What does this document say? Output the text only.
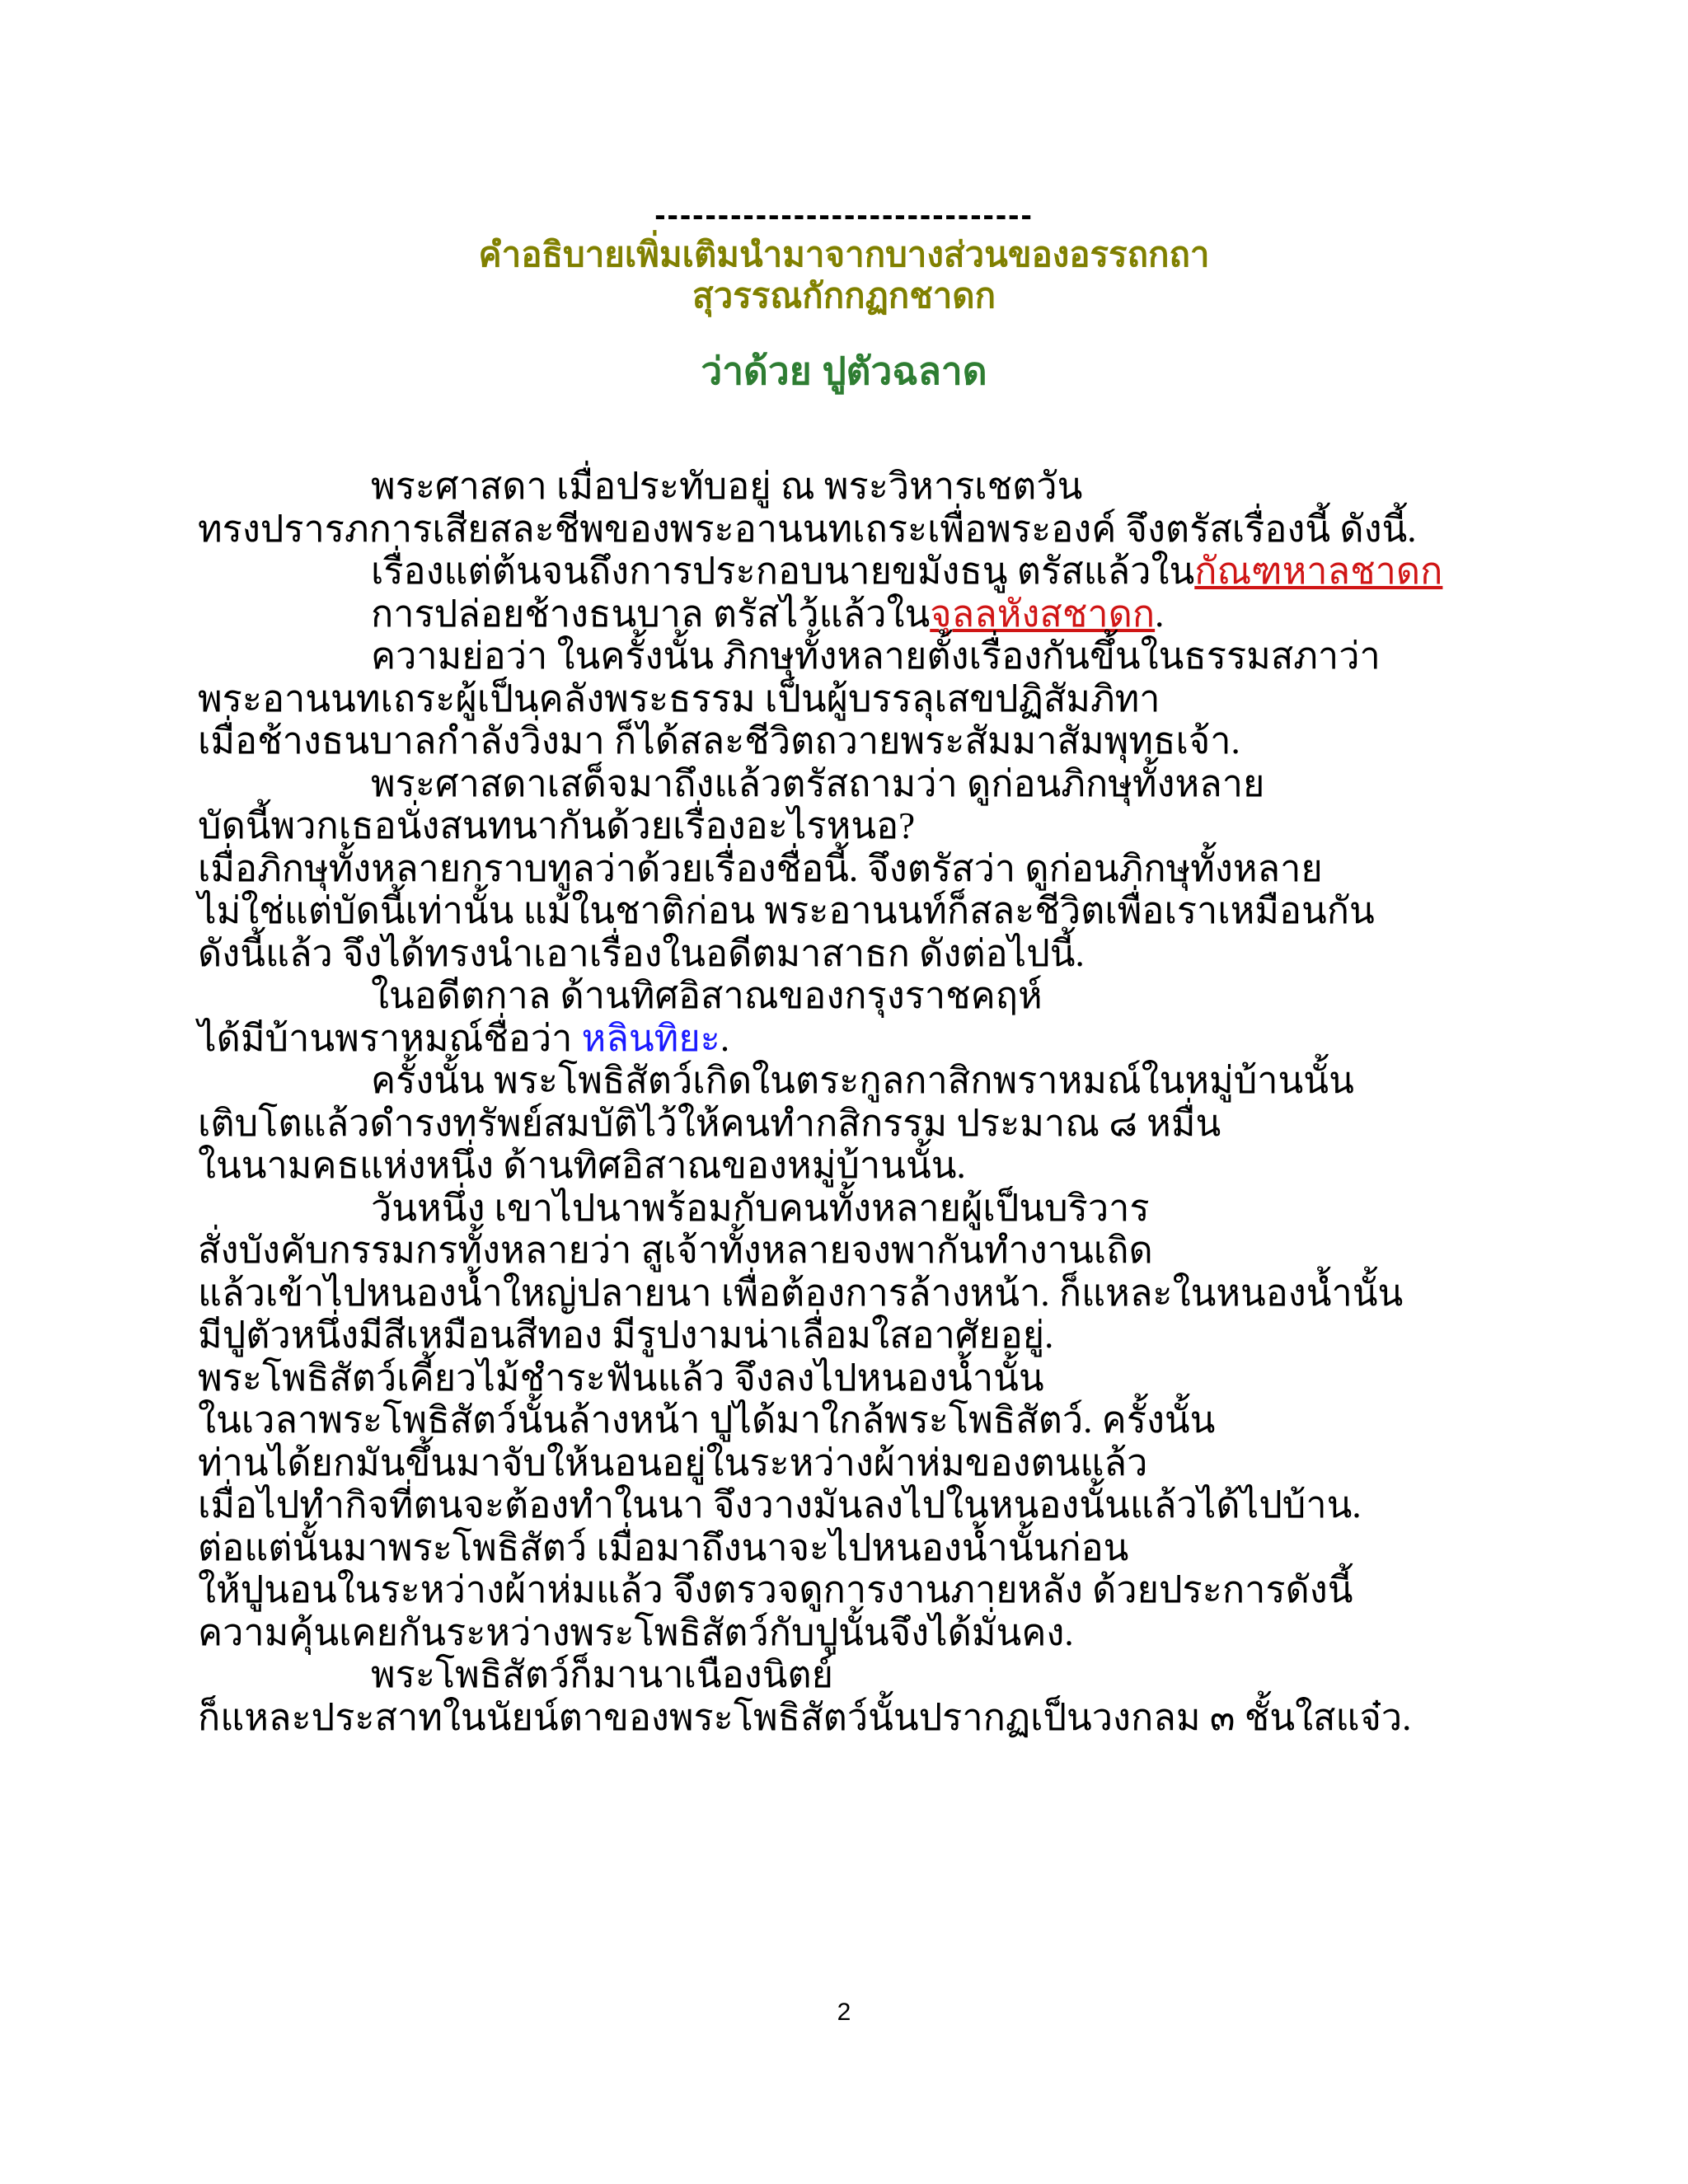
------------------------------
คำอธิบายเพิ่มเติมนำมาจากบางส่วนของอรรถกถา
สุวรรณกักกฏกชาดก
ว่าด้วย ปูตัวฉลาด
พระศาสดา เมื่อประทับอยู่ ณ พระวิหารเชตวัน
ทรงปรารภการเสียสละชีพของพระอานนทเถระเพื่อพระองค์ จึงตรัสเรื่องนี้ ดังนี้.
เรื่องแต่ต้นจนถึงการประกอบนายขมังธนู ตรัสแล้วในกัณฑหาลชาดก
การปล่อยช้างธนบาล ตรัสไว้แล้วในจุลลหังสชาดก.
ความย่อว่า ในครั้งนั้น ภิกษุทั้งหลายตั้งเรื่องกันขึ้นในธรรมสภาว่า
พระอานนทเถระผู้เป็นคลังพระธรรม เป็นผู้บรรลุเสขปฏิสัมภิทา
เมื่อช้างธนบาลกำลังวิ่งมา ก็ได้สละชีวิตถวายพระสัมมาสัมพุทธเจ้า.
พระศาสดาเสด็จมาถึงแล้วตรัสถามว่า ดูก่อนภิกษุทั้งหลาย
บัดนี้พวกเธอนั่งสนทนากันด้วยเรื่องอะไรหนอ?
เมื่อภิกษุทั้งหลายกราบทูลว่าด้วยเรื่องชื่อนี้. จึงตรัสว่า ดูก่อนภิกษุทั้งหลาย
ไม่ใช่แต่บัดนี้เท่านั้น แม้ในชาติก่อน พระอานนท์ก็สละชีวิตเพื่อเราเหมือนกัน
ดังนี้แล้ว จึงได้ทรงนำเอาเรื่องในอดีตมาสาธก ดังต่อไปนี้.
ในอดีตกาล ด้านทิศอิสาณของกรุงราชคฤห์
ได้มีบ้านพราหมณ์ชื่อว่า หลินทิยะ.
ครั้งนั้น พระโพธิสัตว์เกิดในตระกูลกาสิกพราหมณ์ในหมู่บ้านนั้น
เติบโตแล้วดำรงทรัพย์สมบัติไว้ให้คนทำกสิกรรม ประมาณ ๘ หมื่น
ในนามคธแห่งหนึ่ง ด้านทิศอิสาณของหมู่บ้านนั้น.
วันหนึ่ง เขาไปนาพร้อมกับคนทั้งหลายผู้เป็นบริวาร
สั่งบังคับกรรมกรทั้งหลายว่า สูเจ้าทั้งหลายจงพากันทำงานเถิด
แล้วเข้าไปหนองน้ำใหญ่ปลายนา เพื่อต้องการล้างหน้า. ก็แหละในหนองน้ำนั้น
มีปูตัวหนึ่งมีสีเหมือนสีทอง มีรูปงามน่าเลื่อมใสอาศัยอยู่.
พระโพธิสัตว์เคี้ยวไม้ชำระฟันแล้ว จึงลงไปหนองน้ำนั้น
ในเวลาพระโพธิสัตว์นั้นล้างหน้า ปูได้มาใกล้พระโพธิสัตว์. ครั้งนั้น
ท่านได้ยกมันขึ้นมาจับให้นอนอยู่ในระหว่างผ้าห่มของตนแล้ว
เมื่อไปทำกิจที่ตนจะต้องทำในนา จึงวางมันลงไปในหนองนั้นแล้วได้ไปบ้าน.
ต่อแต่นั้นมาพระโพธิสัตว์ เมื่อมาถึงนาจะไปหนองน้ำนั้นก่อน
ให้ปูนอนในระหว่างผ้าห่มแล้ว จึงตรวจดูการงานภายหลัง ด้วยประการดังนี้
ความคุ้นเคยกันระหว่างพระโพธิสัตว์กับปูนั้นจึงได้มั่นคง.
พระโพธิสัตว์ก็มานาเนืองนิตย์
ก็แหละประสาทในนัยน์ตาของพระโพธิสัตว์นั้นปรากฏเป็นวงกลม ๓ ชั้นใสแจ๋ว.
2
